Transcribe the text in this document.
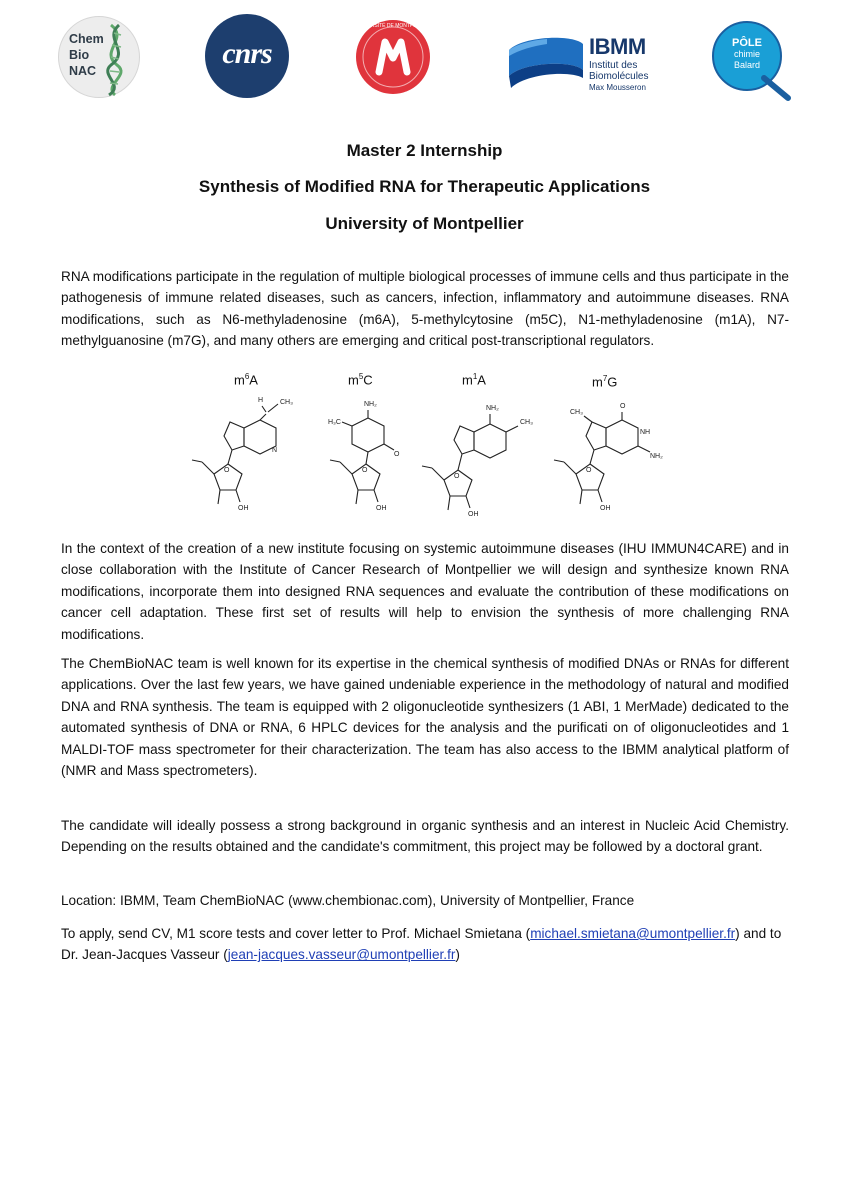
Chem
Bio
NAC
cnrs
UNIVERSITÉ DE MONTPELLIER
IBMM
Institut des
Biomolécules
Max Mousseron
PÔLE
chimie
Balard
Master 2 Internship
Synthesis of Modified RNA for Therapeutic Applications
University of Montpellier

RNA modifications participate in the regulation of multiple biological processes of immune cells and thus participate in the pathogenesis of immune related diseases, such as cancers, infection, inflammatory and autoimmune diseases. RNA modifications, such as N6-methyladenosine (m6A), 5-methylcytosine (m5C), N1-methyladenosine (m1A), N7-methylguanosine (m7G), and many others are emerging and critical post-transcriptional regulators.

$m^6A$	$m^5C$	$m^1A$	$m^7G$
H CH₃
N
O
OH
NH₂
H₃C
O
O
OH
NH₂
CH₃
O
OH
O
CH₃
NH
NH₂
O
OH

In the context of the creation of a new institute focusing on systemic autoimmune diseases (IHU IMMUN4CARE) and in close collaboration with the Institute of Cancer Research of Montpellier we will design and synthesize known RNA modifications, incorporate them into designed RNA sequences and evaluate the contribution of these modifications on cancer cell adaptation. These first set of results will help to envision the synthesis of more challenging RNA modifications.

The ChemBioNAC team is well known for its expertise in the chemical synthesis of modified DNAs or RNAs for different applications. Over the last few years, we have gained undeniable experience in the methodology of natural and modified DNA and RNA synthesis. The team is equipped with 2 oligonucleotide synthesizers (1 ABI, 1 MerMade) dedicated to the automated synthesis of DNA or RNA, 6 HPLC devices for the analysis and the purificati on of oligonucleotides and 1 MALDI-TOF mass spectrometer for their characterization. The team has also access to the IBMM analytical platform of (NMR and Mass spectrometers).

The candidate will ideally possess a strong background in organic synthesis and an interest in Nucleic Acid Chemistry. Depending on the results obtained and the candidate's commitment, this project may be followed by a doctoral grant.

Location: IBMM, Team ChemBioNAC (www.chembionac.com), University of Montpellier, France

To apply, send CV, M1 score tests and cover letter to Prof. Michael Smietana (michael.smietana@umontpellier.fr) and to Dr. Jean-Jacques Vasseur (jean-jacques.vasseur@umontpellier.fr)
